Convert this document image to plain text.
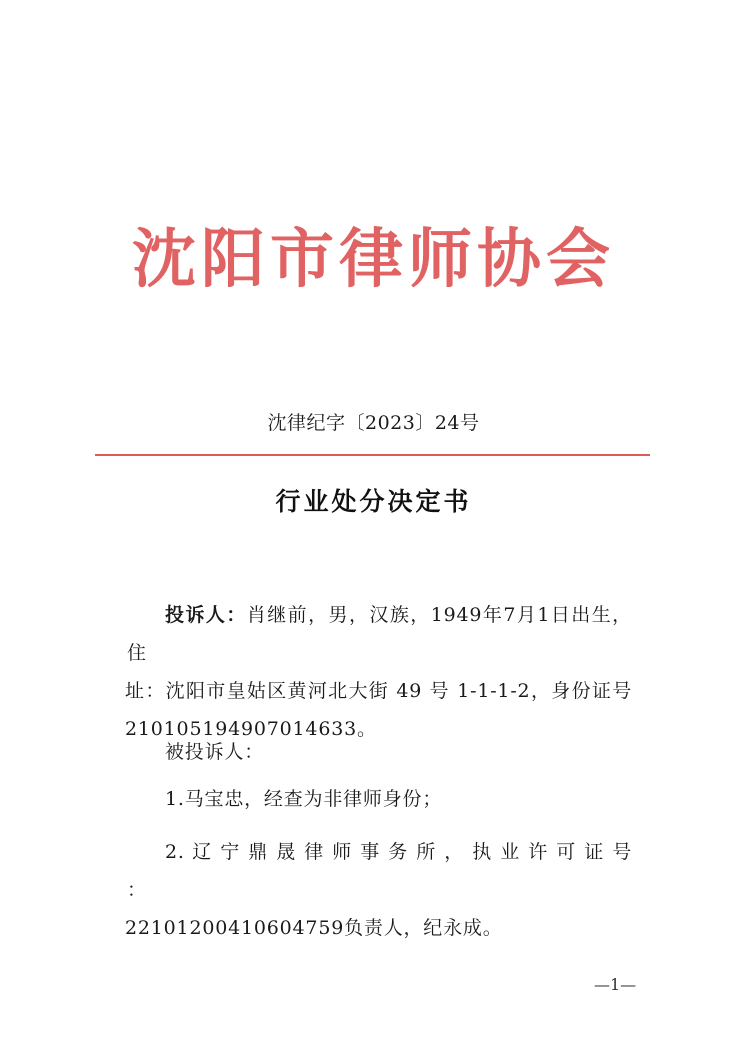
沈阳市律师协会
沈律纪字〔2023〕24号
行业处分决定书

投诉人：肖继前，男，汉族，1949年7月1日出生，住

址：沈阳市皇姑区黄河北大街 49 号 1-1-1-2，身份证号

210105194907014633。

被投诉人：

1.马宝忠，经查为非律师身份；

2. 辽 宁 鼎 晟 律 师 事 务 所 ， 执 业 许 可 证 号 ：

22101200410604759负责人，纪永成。

—1—
